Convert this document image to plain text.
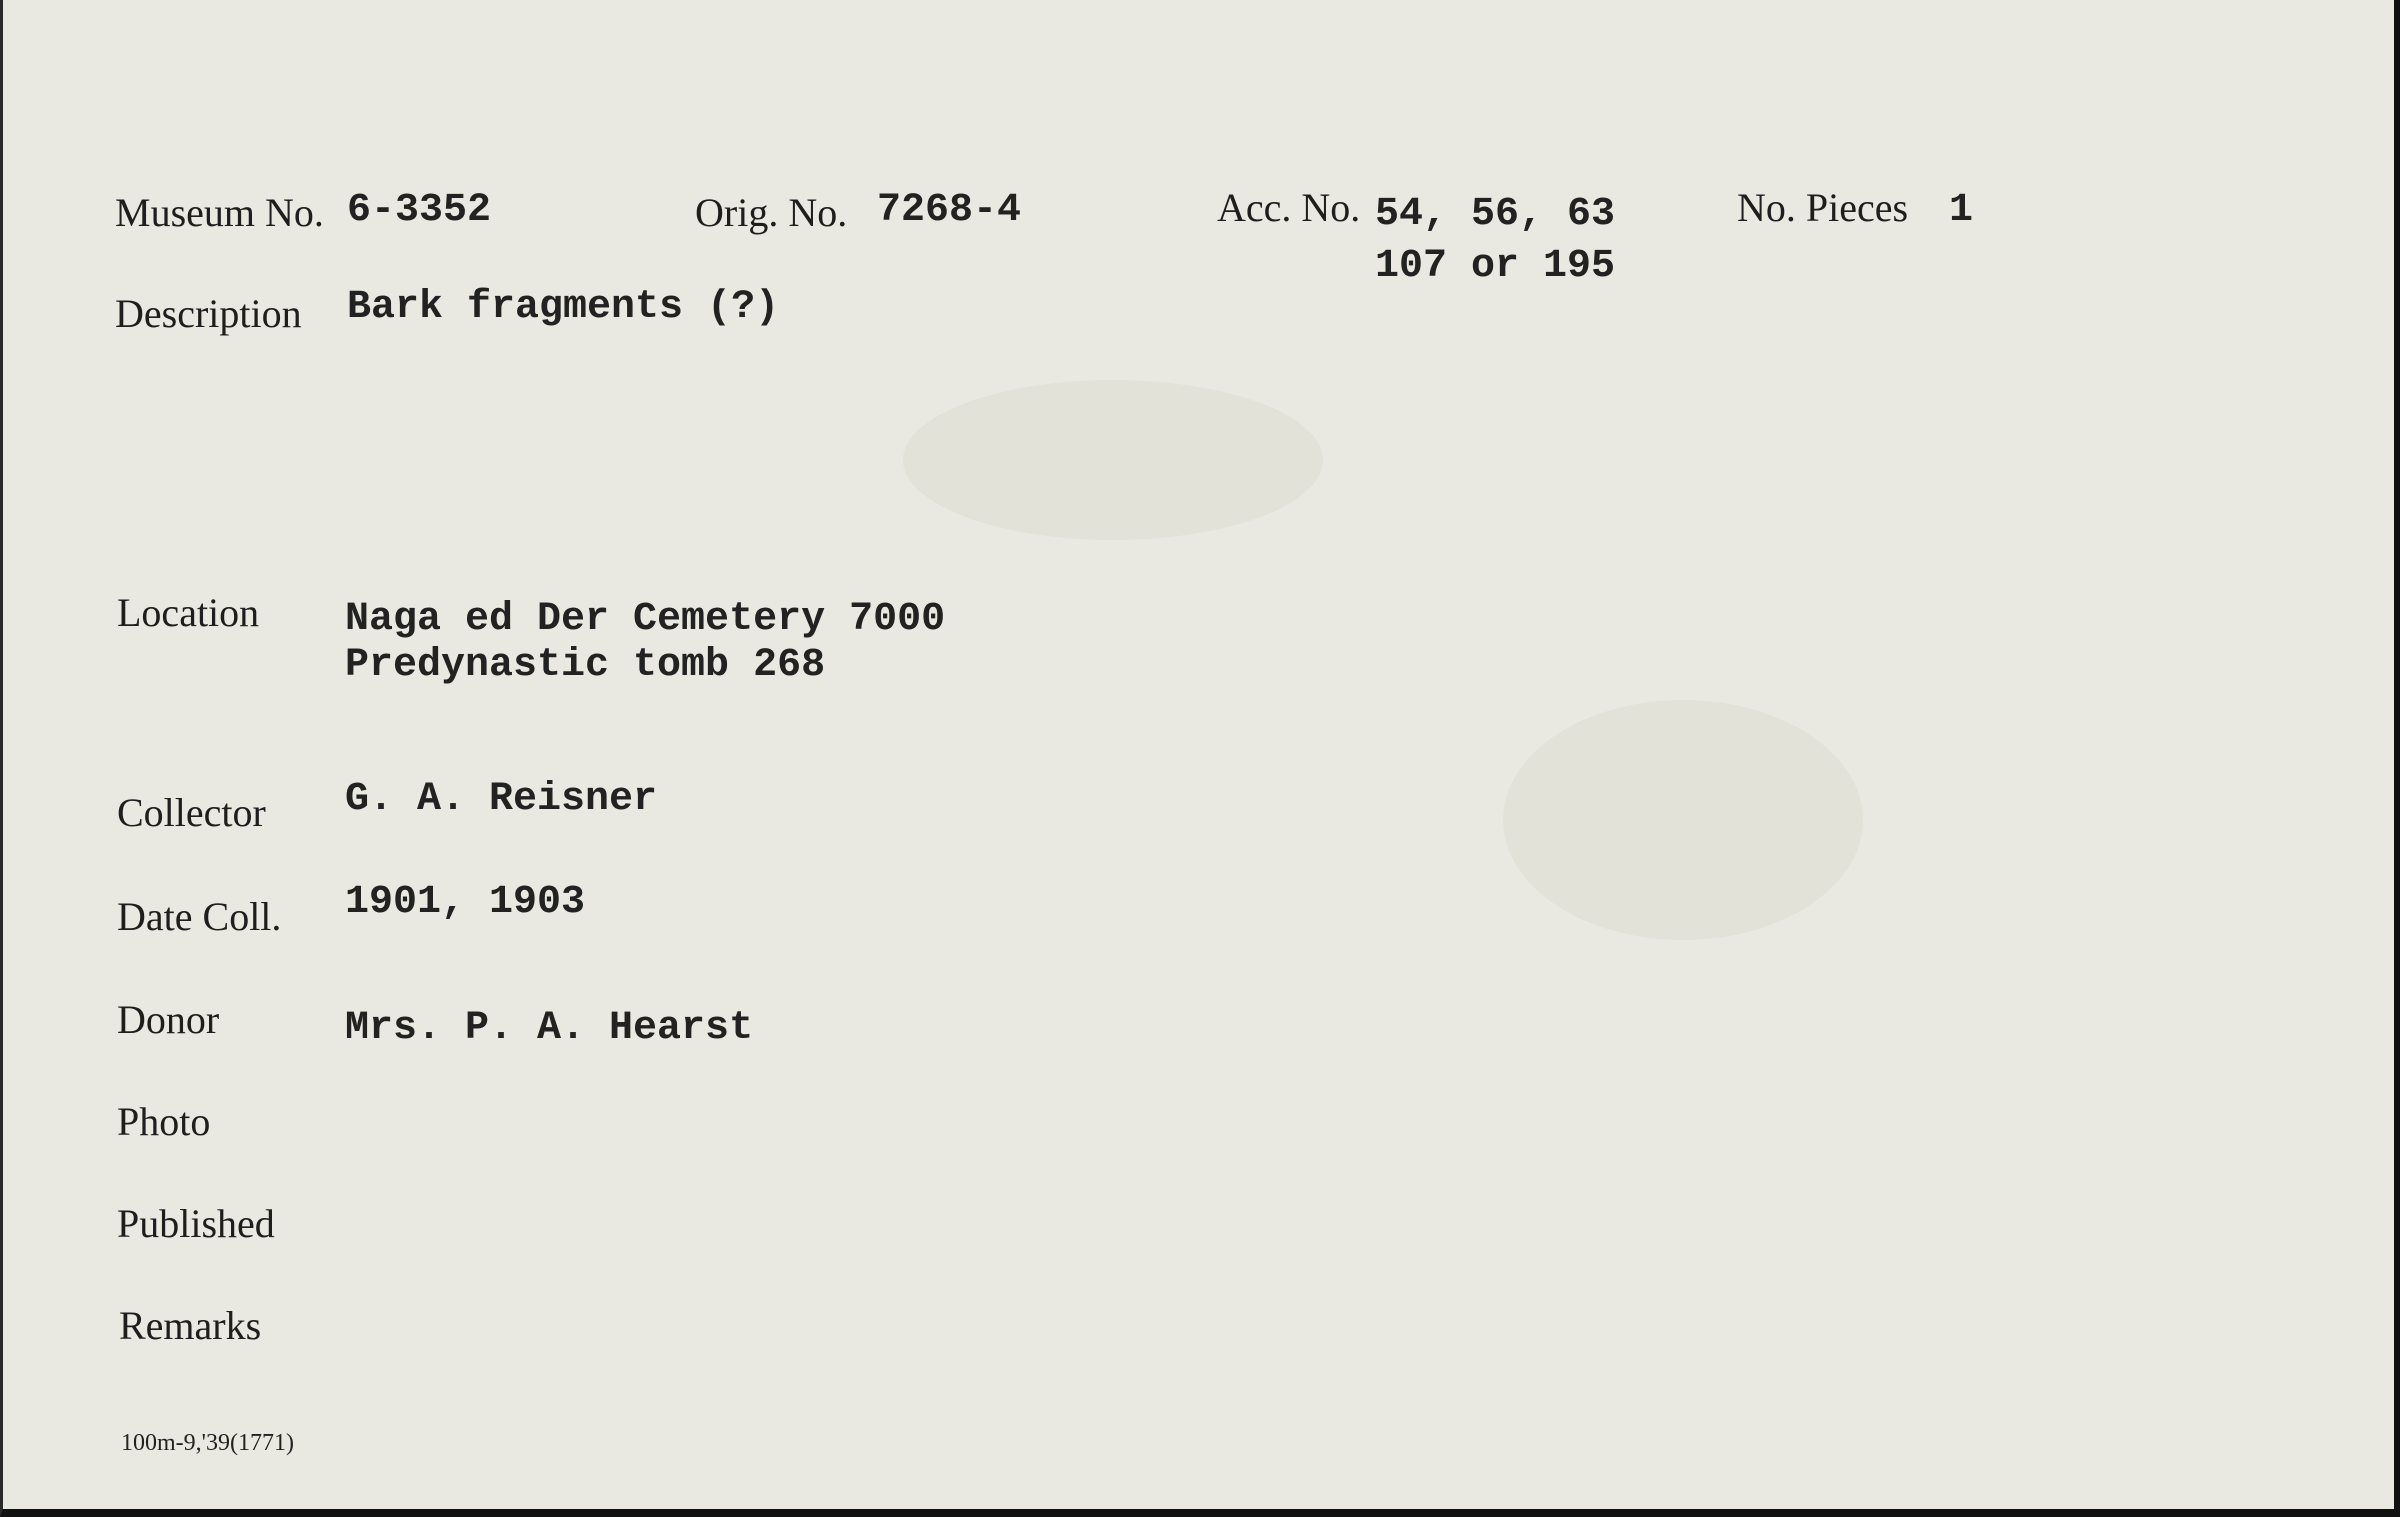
Museum No. 6-3352	Orig. No. 7268-4	Acc. No. 54, 56, 63
107 or 195
No. Pieces 1
Description Bark fragments (?)
Location Naga ed Der Cemetery 7000
Predynastic tomb 268
Collector G. A. Reisner
Date Coll. 1901, 1903
Donor	Mrs. P. A. Hearst
Photo
Published
Remarks
100m-9,'39(1771)
